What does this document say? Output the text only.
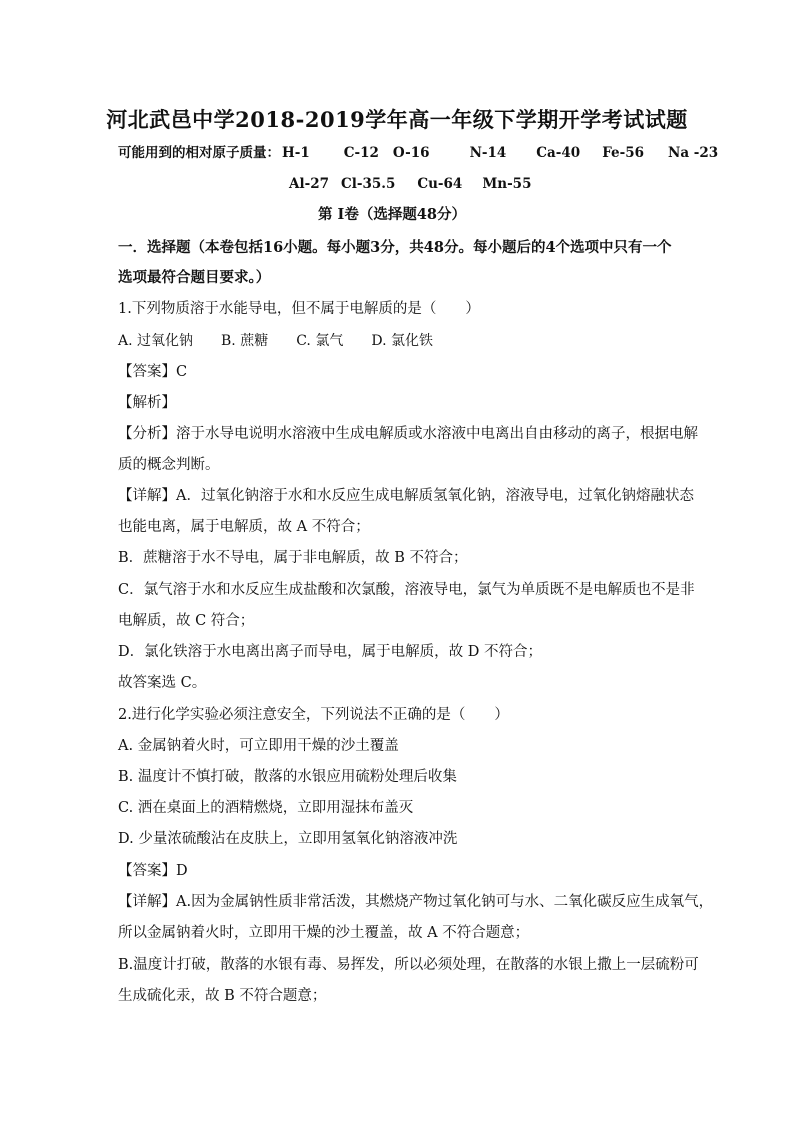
河北武邑中学2018-2019学年高一年级下学期开学考试试题
可能用到的相对原子质量： H-1	C-12 O-16	N-14 Ca-40 Fe-56 Na -23
Al-27 Cl-35.5 Cu-64 Mn-55
第 I卷（选择题48分）
一．选择题（本卷包括16小题。每小题3分，共48分。每小题后的4个选项中只有一个
选项最符合题目要求。）
1.下列物质溶于水能导电，但不属于电解质的是（　　）
A. 过氧化钠 B. 蔗糖 C. 氯气 D. 氯化铁
【答案】C
【解析】
【分析】溶于水导电说明水溶液中生成电解质或水溶液中电离出自由移动的离子，根据电解
质的概念判断。
【详解】A．过氧化钠溶于水和水反应生成电解质氢氧化钠，溶液导电，过氧化钠熔融状态
也能电离，属于电解质，故 A 不符合；
B．蔗糖溶于水不导电，属于非电解质，故 B 不符合；
C．氯气溶于水和水反应生成盐酸和次氯酸，溶液导电，氯气为单质既不是电解质也不是非
电解质，故 C 符合；
D．氯化铁溶于水电离出离子而导电，属于电解质，故 D 不符合；
故答案选 C。
2.进行化学实验必须注意安全，下列说法不正确的是（　　）
A. 金属钠着火时，可立即用干燥的沙土覆盖
B. 温度计不慎打破，散落的水银应用硫粉处理后收集
C. 洒在桌面上的酒精燃烧，立即用湿抹布盖灭
D. 少量浓硫酸沾在皮肤上，立即用氢氧化钠溶液冲洗
【答案】D
【详解】A.因为金属钠性质非常活泼，其燃烧产物过氧化钠可与水、二氧化碳反应生成氧气，
所以金属钠着火时，立即用干燥的沙土覆盖，故 A 不符合题意；
B.温度计打破，散落的水银有毒、易挥发，所以必须处理，在散落的水银上撒上一层硫粉可
生成硫化汞，故 B 不符合题意；
